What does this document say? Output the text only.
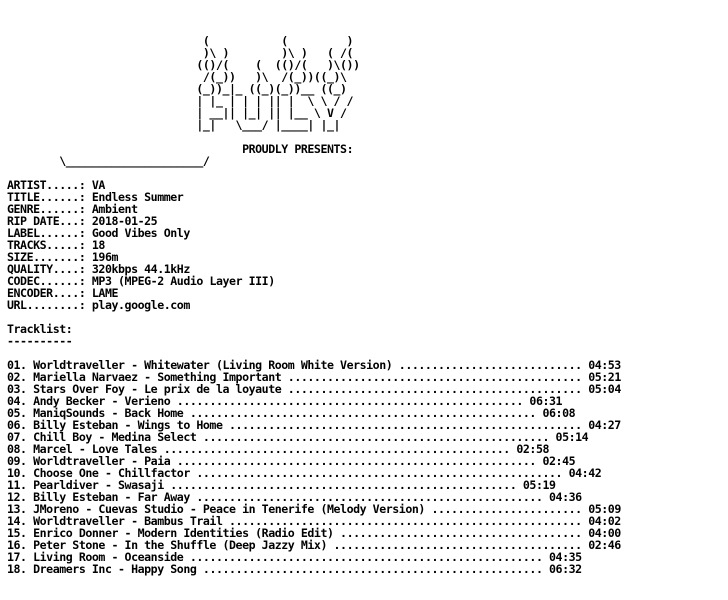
(           (         )
)\ )        )\ )   ( /(
(()/(    (  (()/(   )\())
/(_))   )\  /(_))((_)\
(_))_|_ ((_)(_))__ ((_)
| |_ | | | || |  \ \ / /
| __|| |_| || |__ \ V /
|_|   \___/ |____| |_|

PROUDLY PRESENTS:
\_____________________/

ARTIST.....: VA
TITLE......: Endless Summer
GENRE......: Ambient
RIP DATE...: 2018-01-25
LABEL......: Good Vibes Only
TRACKS.....: 18
SIZE.......: 196m
QUALITY....: 320kbps 44.1kHz
CODEC......: MP3 (MPEG-2 Audio Layer III)
ENCODER....: LAME
URL........: play.google.com

Tracklist:
----------

01. Worldtraveller - Whitewater (Living Room White Version) ............................ 04:53
02. Mariella Narvaez - Something Important ............................................. 05:21
03. Stars Over Foy - Le prix de la loyaute ............................................. 05:04
04. Andy Becker - Verieno ..................................................... 06:31
05. ManiqSounds - Back Home ..................................................... 06:08
06. Billy Esteban - Wings to Home ...................................................... 04:27
07. Chill Boy - Medina Select ..................................................... 05:14
08. Marcel - Love Tales ..................................................... 02:58
09. Worldtraveller - Paia ....................................................... 02:45
10. Choose One - Chillfactor ........................................................ 04:42
11. Pearldiver - Swasaji ..................................................... 05:19
12. Billy Esteban - Far Away ..................................................... 04:36
13. JMoreno - Cuevas Studio - Peace in Tenerife (Melody Version) ....................... 05:09
14. Worldtraveller - Bambus Trail ...................................................... 04:02
15. Enrico Donner - Modern Identities (Radio Edit) ..................................... 04:00
16. Peter Stone - In the Shuffle (Deep Jazzy Mix) ...................................... 02:46
17. Living Room - Oceanside ...................................................... 04:35
18. Dreamers Inc - Happy Song .................................................... 06:32
